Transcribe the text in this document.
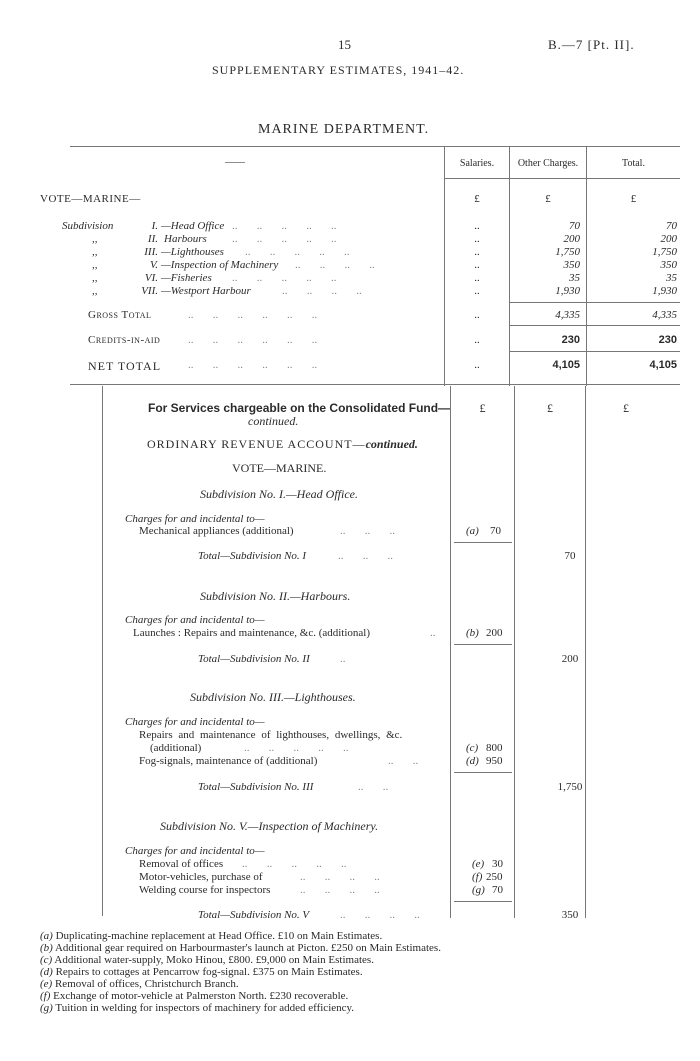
15	B.—7 [Pt. II].
SUPPLEMENTARY ESTIMATES, 1941–42.
MARINE DEPARTMENT.
——	Salaries.	Other Charges.	Total.
VOTE—MARINE—	£	£	£
Subdivision	I. —Head Office ..       ..       ..       ..       ..	..	70	70
,,	II. Harbours ..       ..       ..       ..       ..	..	200	200
,,	III. —Lighthouses ..       ..       ..       ..       ..	..	1,750	1,750
,,	V. —Inspection of Machinery ..       ..       ..       ..	..	350	350
,,	VI. —Fisheries ..       ..       ..       ..       ..	..	35	35
,,	VII. —Westport Harbour	..       ..       ..       ..	..	1,930	1,930
Gross Total	..       ..       ..       ..       ..       ..	..	4,335	4,335
Credits-in-aid	..       ..       ..       ..       ..       ..	..	230	230
NET TOTAL ..       ..       ..       ..       ..       ..	..	4,105	4,105
For Services chargeable on the Consolidated Fund—
continued.
£	£	£
ORDINARY REVENUE ACCOUNT—continued.
VOTE—MARINE.
Subdivision No. I.—Head Office.
Charges for and incidental to—
Mechanical appliances (additional)	..       ..       ..	(a) 70
Total—Subdivision No. I	..       ..       ..	70
Subdivision No. II.—Harbours.
Charges for and incidental to—
Launches : Repairs and maintenance, &c. (additional)	..	(b) 200
Total—Subdivision No. II	..	200
Subdivision No. III.—Lighthouses.
Charges for and incidental to—
Repairs and maintenance of lighthouses, dwellings, &c.
(additional)	..       ..       ..       ..       ..	(c) 800
Fog-signals, maintenance of (additional)	..       ..	(d) 950
Total—Subdivision No. III	..       ..	1,750
Subdivision No. V.—Inspection of Machinery.
Charges for and incidental to—
Removal of offices ..       ..       ..       ..       ..	(e) 30
Motor-vehicles, purchase of	..       ..       ..       ..	(f) 250
Welding course for inspectors	..       ..       ..       ..	(g) 70
Total—Subdivision No. V	..       ..       ..       ..	350
(a) Duplicating-machine replacement at Head Office. £10 on Main Estimates.
(b) Additional gear required on Harbourmaster's launch at Picton. £250 on Main Estimates.
(c) Additional water-supply, Moko Hinou, £800. £9,000 on Main Estimates.
(d) Repairs to cottages at Pencarrow fog-signal. £375 on Main Estimates.
(e) Removal of offices, Christchurch Branch.
(f) Exchange of motor-vehicle at Palmerston North. £230 recoverable.
(g) Tuition in welding for inspectors of machinery for added efficiency.
